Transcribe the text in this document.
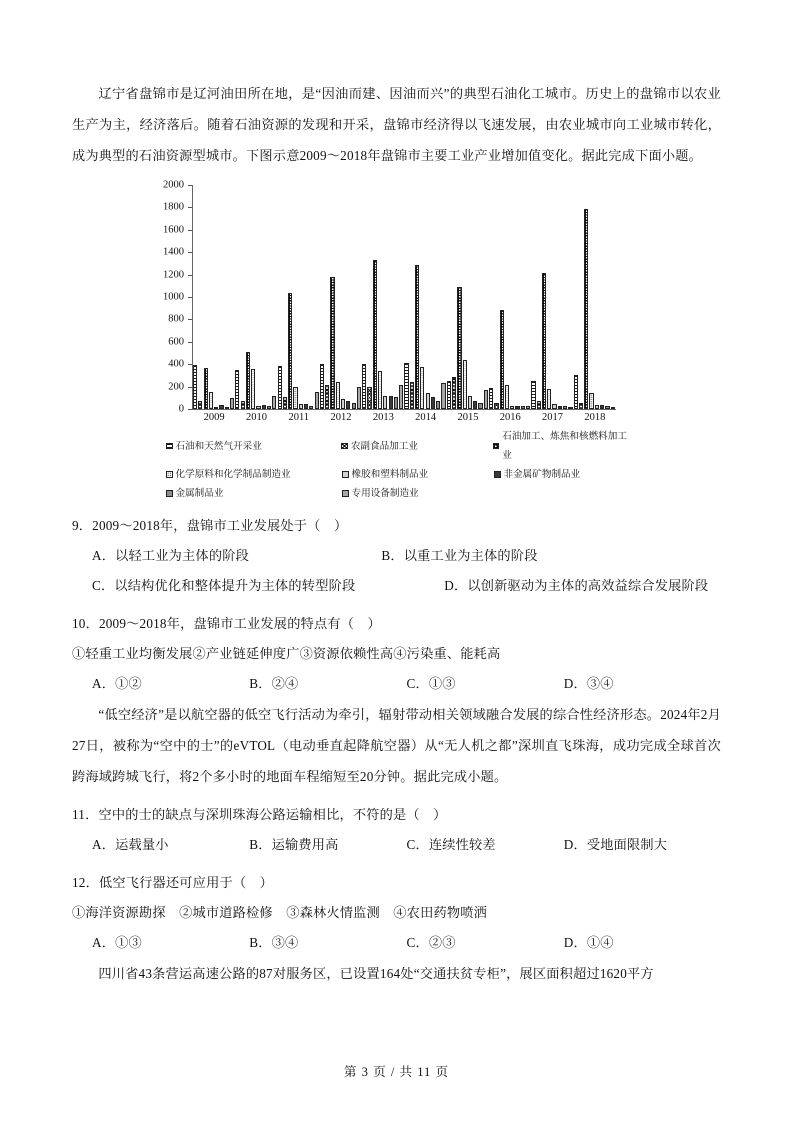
辽宁省盘锦市是辽河油田所在地，是“因油而建、因油而兴”的典型石油化工城市。历史上的盘锦市以农业生产为主，经济落后。随着石油资源的发现和开采，盘锦市经济得以飞速发展，由农业城市向工业城市转化，成为典型的石油资源型城市。下图示意2009～2018年盘锦市主要工业产业增加值变化。据此完成下面小题。

0
200
400
600
800
1000
1200
1400
1600
1800
2000
2009 2010 2011 2012 2013 2014 2015 2016 2017 2018
石油和天然气开采业	农副食品加工业
石油加工、炼焦和核燃料加工业
化学原料和化学制品制造业	橡胶和塑料制品业	非金属矿物制品业
金属制品业	专用设备制造业

9．2009～2018年，盘锦市工业发展处于（　）

A．以轻工业为主体的阶段	B．以重工业为主体的阶段
C．以结构优化和整体提升为主体的转型阶段	D．以创新驱动为主体的高效益综合发展阶段

10．2009～2018年，盘锦市工业发展的特点有（　）

①轻重工业均衡发展②产业链延伸度广③资源依赖性高④污染重、能耗高

A．①②	B．②④	C．①③	D．③④

“低空经济”是以航空器的低空飞行活动为牵引，辐射带动相关领域融合发展的综合性经济形态。2024年2月27日，被称为“空中的士”的eVTOL（电动垂直起降航空器）从“无人机之都”深圳直飞珠海，成功完成全球首次跨海域跨城飞行，将2个多小时的地面车程缩短至20分钟。据此完成小题。

11．空中的士的缺点与深圳珠海公路运输相比，不符的是（　）

A．运载量小	B．运输费用高	C．连续性较差	D．受地面限制大

12．低空飞行器还可应用于（　）

①海洋资源勘探　②城市道路检修　③森林火情监测　④农田药物喷洒

A．①③	B．③④	C．②③	D．①④

四川省43条营运高速公路的87对服务区，已设置164处“交通扶贫专柜”，展区面积超过1620平方

第 3 页 / 共 11 页
